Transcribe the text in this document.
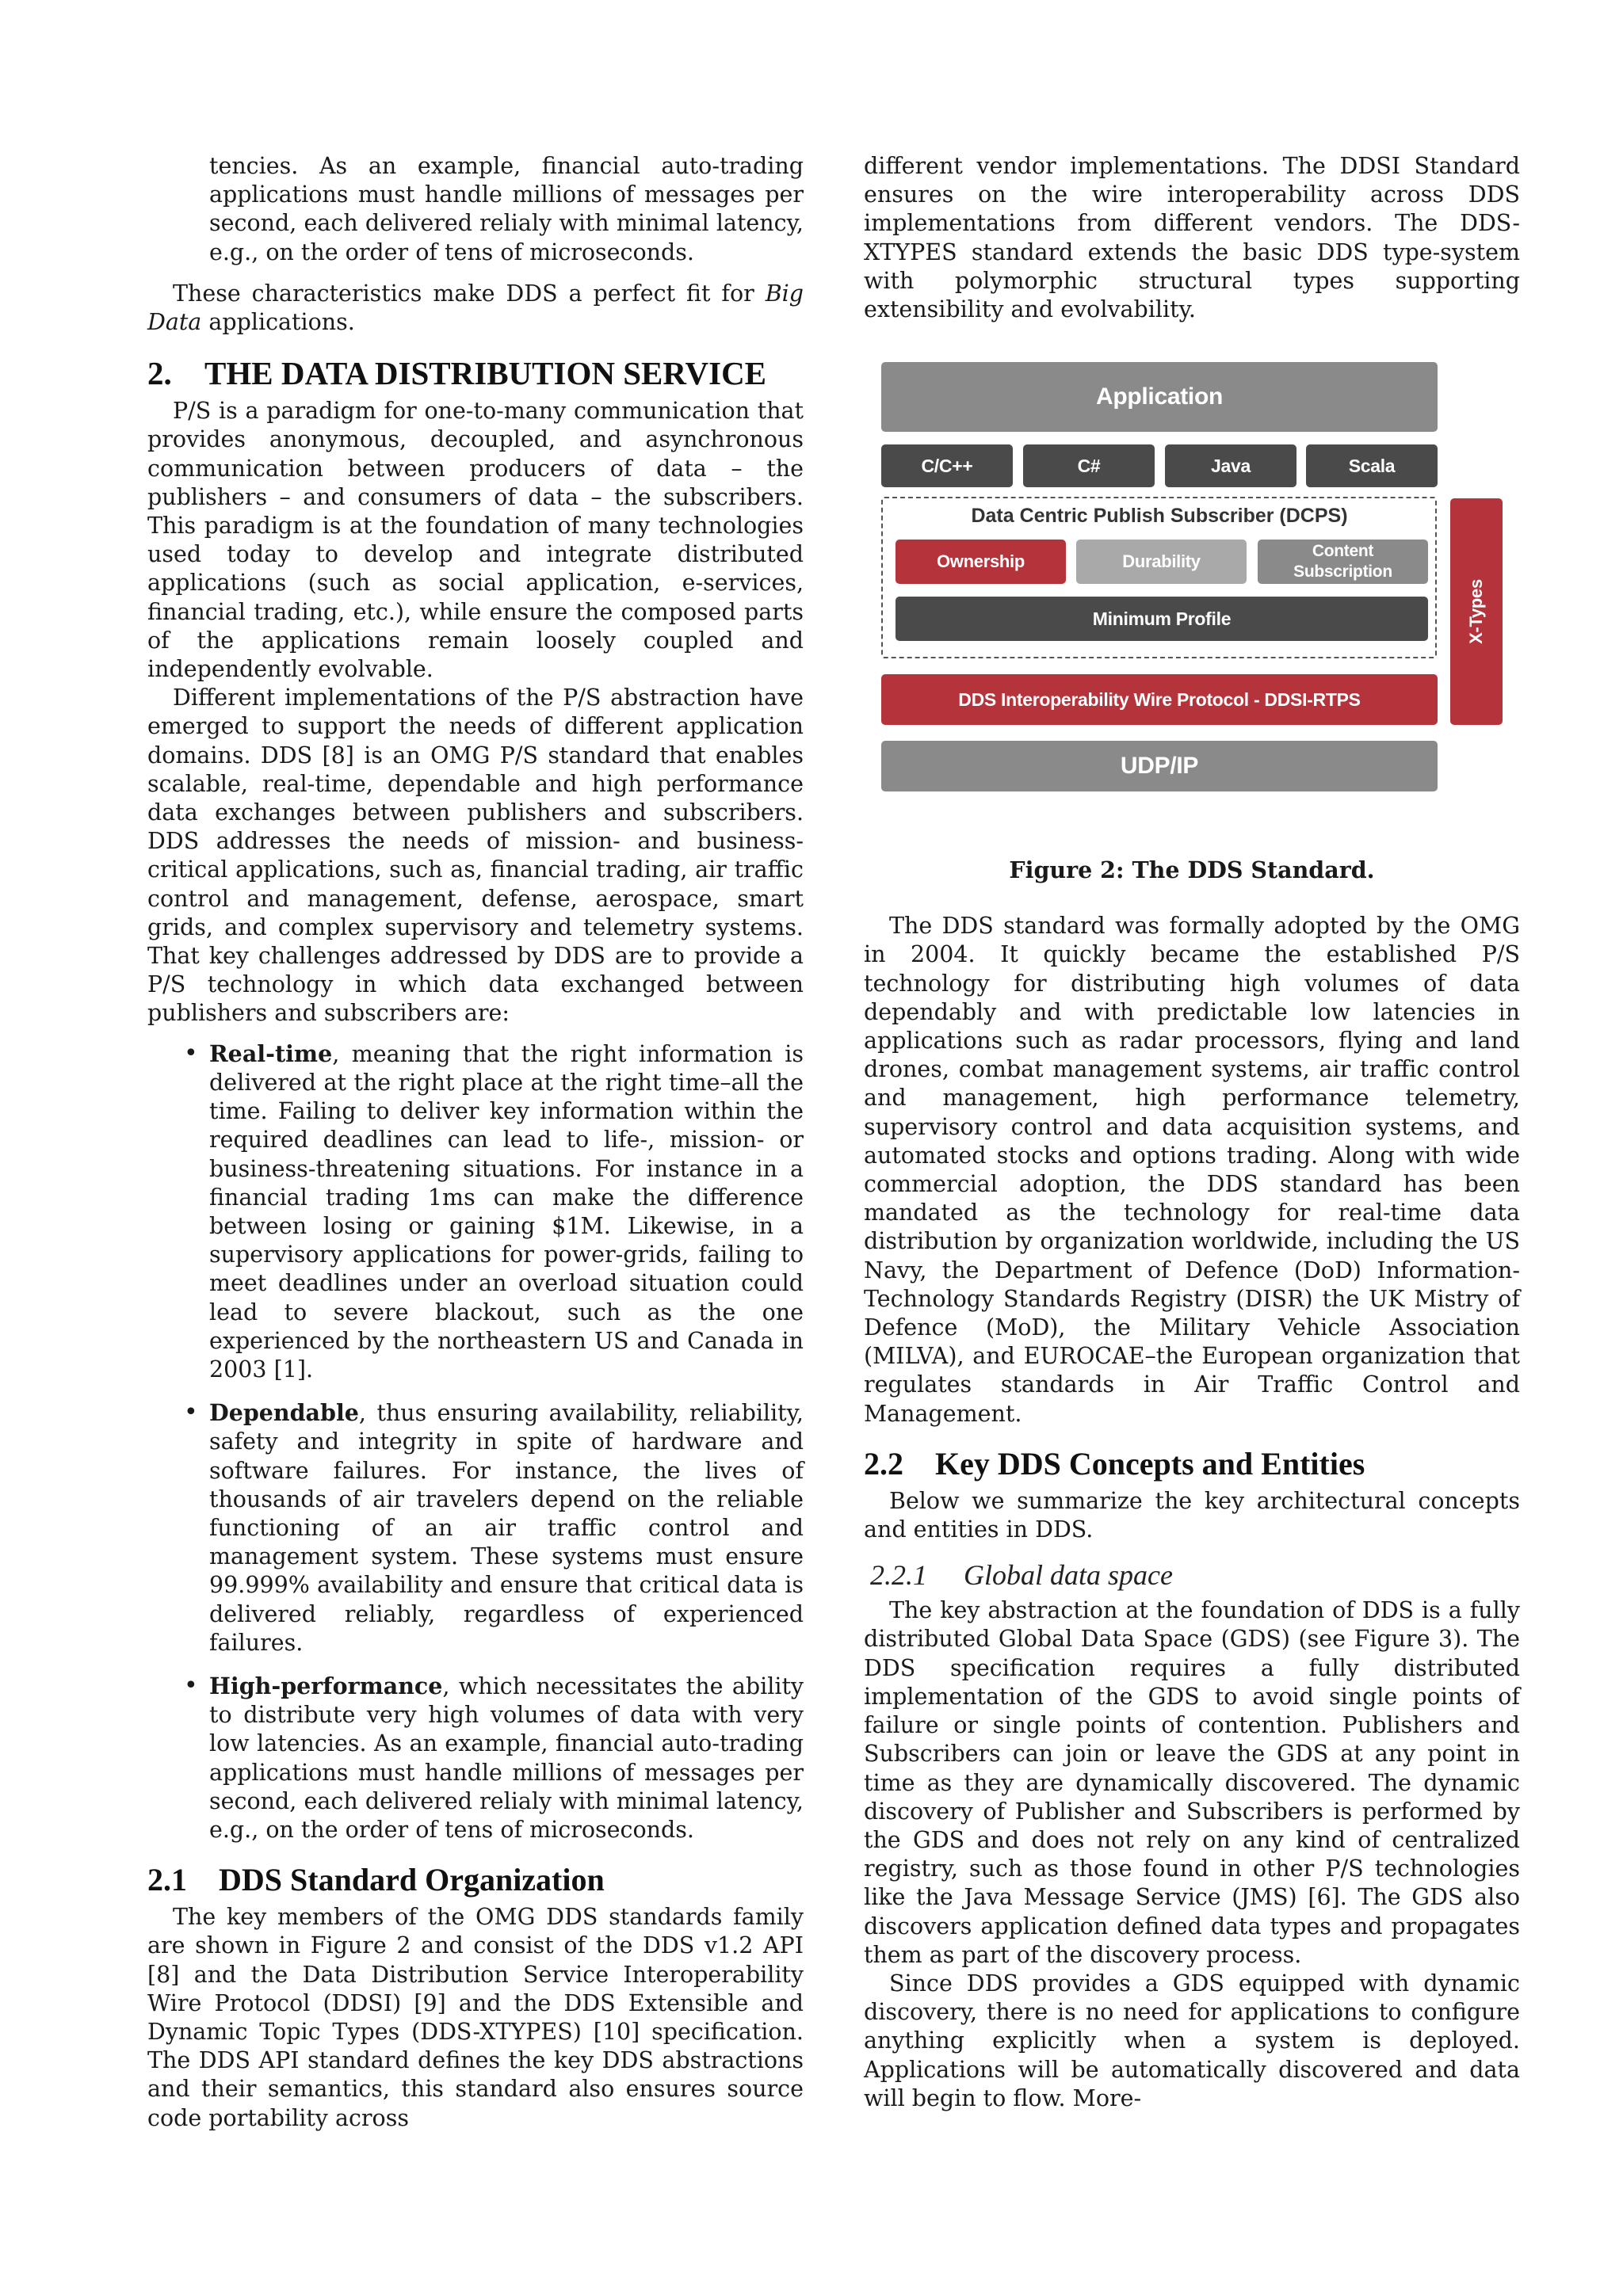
tencies. As an example, financial auto-trading applications must handle millions of messages per second, each delivered relialy with minimal latency, e.g., on the order of tens of microseconds.

These characteristics make DDS a perfect fit for Big Data applications.

2. THE DATA DISTRIBUTION SERVICE

P/S is a paradigm for one-to-many communication that provides anonymous, decoupled, and asynchronous communication between producers of data – the publishers – and consumers of data – the subscribers. This paradigm is at the foundation of many technologies used today to develop and integrate distributed applications (such as social application, e-services, financial trading, etc.), while ensure the composed parts of the applications remain loosely coupled and independently evolvable.

Different implementations of the P/S abstraction have emerged to support the needs of different application domains. DDS [8] is an OMG P/S standard that enables scalable, real-time, dependable and high performance data exchanges between publishers and subscribers. DDS addresses the needs of mission- and business-critical applications, such as, financial trading, air traffic control and management, defense, aerospace, smart grids, and complex supervisory and telemetry systems. That key challenges addressed by DDS are to provide a P/S technology in which data exchanged between publishers and subscribers are:

• Real-time, meaning that the right information is delivered at the right place at the right time–all the time. Failing to deliver key information within the required deadlines can lead to life-, mission- or business-threatening situations. For instance in a financial trading 1ms can make the difference between losing or gaining $1M. Likewise, in a supervisory applications for power-grids, failing to meet deadlines under an overload situation could lead to severe blackout, such as the one experienced by the northeastern US and Canada in 2003 [1].
• Dependable, thus ensuring availability, reliability, safety and integrity in spite of hardware and software failures. For instance, the lives of thousands of air travelers depend on the reliable functioning of an air traffic control and management system. These systems must ensure 99.999% availability and ensure that critical data is delivered reliably, regardless of experienced failures.
• High-performance, which necessitates the ability to distribute very high volumes of data with very low latencies. As an example, financial auto-trading applications must handle millions of messages per second, each delivered relialy with minimal latency, e.g., on the order of tens of microseconds.
2.1 DDS Standard Organization

The key members of the OMG DDS standards family are shown in Figure 2 and consist of the DDS v1.2 API [8] and the Data Distribution Service Interoperability Wire Protocol (DDSI) [9] and the DDS Extensible and Dynamic Topic Types (DDS-XTYPES) [10] specification. The DDS API standard defines the key DDS abstractions and their semantics, this standard also ensures source code portability across

different vendor implementations. The DDSI Standard ensures on the wire interoperability across DDS implementations from different vendors. The DDS-XTYPES standard extends the basic DDS type-system with polymorphic structural types supporting extensibility and evolvability.

Application
C/C++	C#	Java	Scala
Data Centric Publish Subscriber (DCPS)
Ownership	Durability
Content Subscription
Minimum Profile	X-Types
DDS Interoperability Wire Protocol - DDSI-RTPS
UDP/IP
Figure 2: The DDS Standard.

The DDS standard was formally adopted by the OMG in 2004. It quickly became the established P/S technology for distributing high volumes of data dependably and with predictable low latencies in applications such as radar processors, flying and land drones, combat management systems, air traffic control and management, high performance telemetry, supervisory control and data acquisition systems, and automated stocks and options trading. Along with wide commercial adoption, the DDS standard has been mandated as the technology for real-time data distribution by organization worldwide, including the US Navy, the Department of Defence (DoD) Information-Technology Standards Registry (DISR) the UK Mistry of Defence (MoD), the Military Vehicle Association (MILVA), and EUROCAE–the European organization that regulates standards in Air Traffic Control and Management.

2.2 Key DDS Concepts and Entities

Below we summarize the key architectural concepts and entities in DDS.

2.2.1 Global data space

The key abstraction at the foundation of DDS is a fully distributed Global Data Space (GDS) (see Figure 3). The DDS specification requires a fully distributed implementation of the GDS to avoid single points of failure or single points of contention. Publishers and Subscribers can join or leave the GDS at any point in time as they are dynamically discovered. The dynamic discovery of Publisher and Subscribers is performed by the GDS and does not rely on any kind of centralized registry, such as those found in other P/S technologies like the Java Message Service (JMS) [6]. The GDS also discovers application defined data types and propagates them as part of the discovery process.

Since DDS provides a GDS equipped with dynamic discovery, there is no need for applications to configure anything explicitly when a system is deployed. Applications will be automatically discovered and data will begin to flow. More-
